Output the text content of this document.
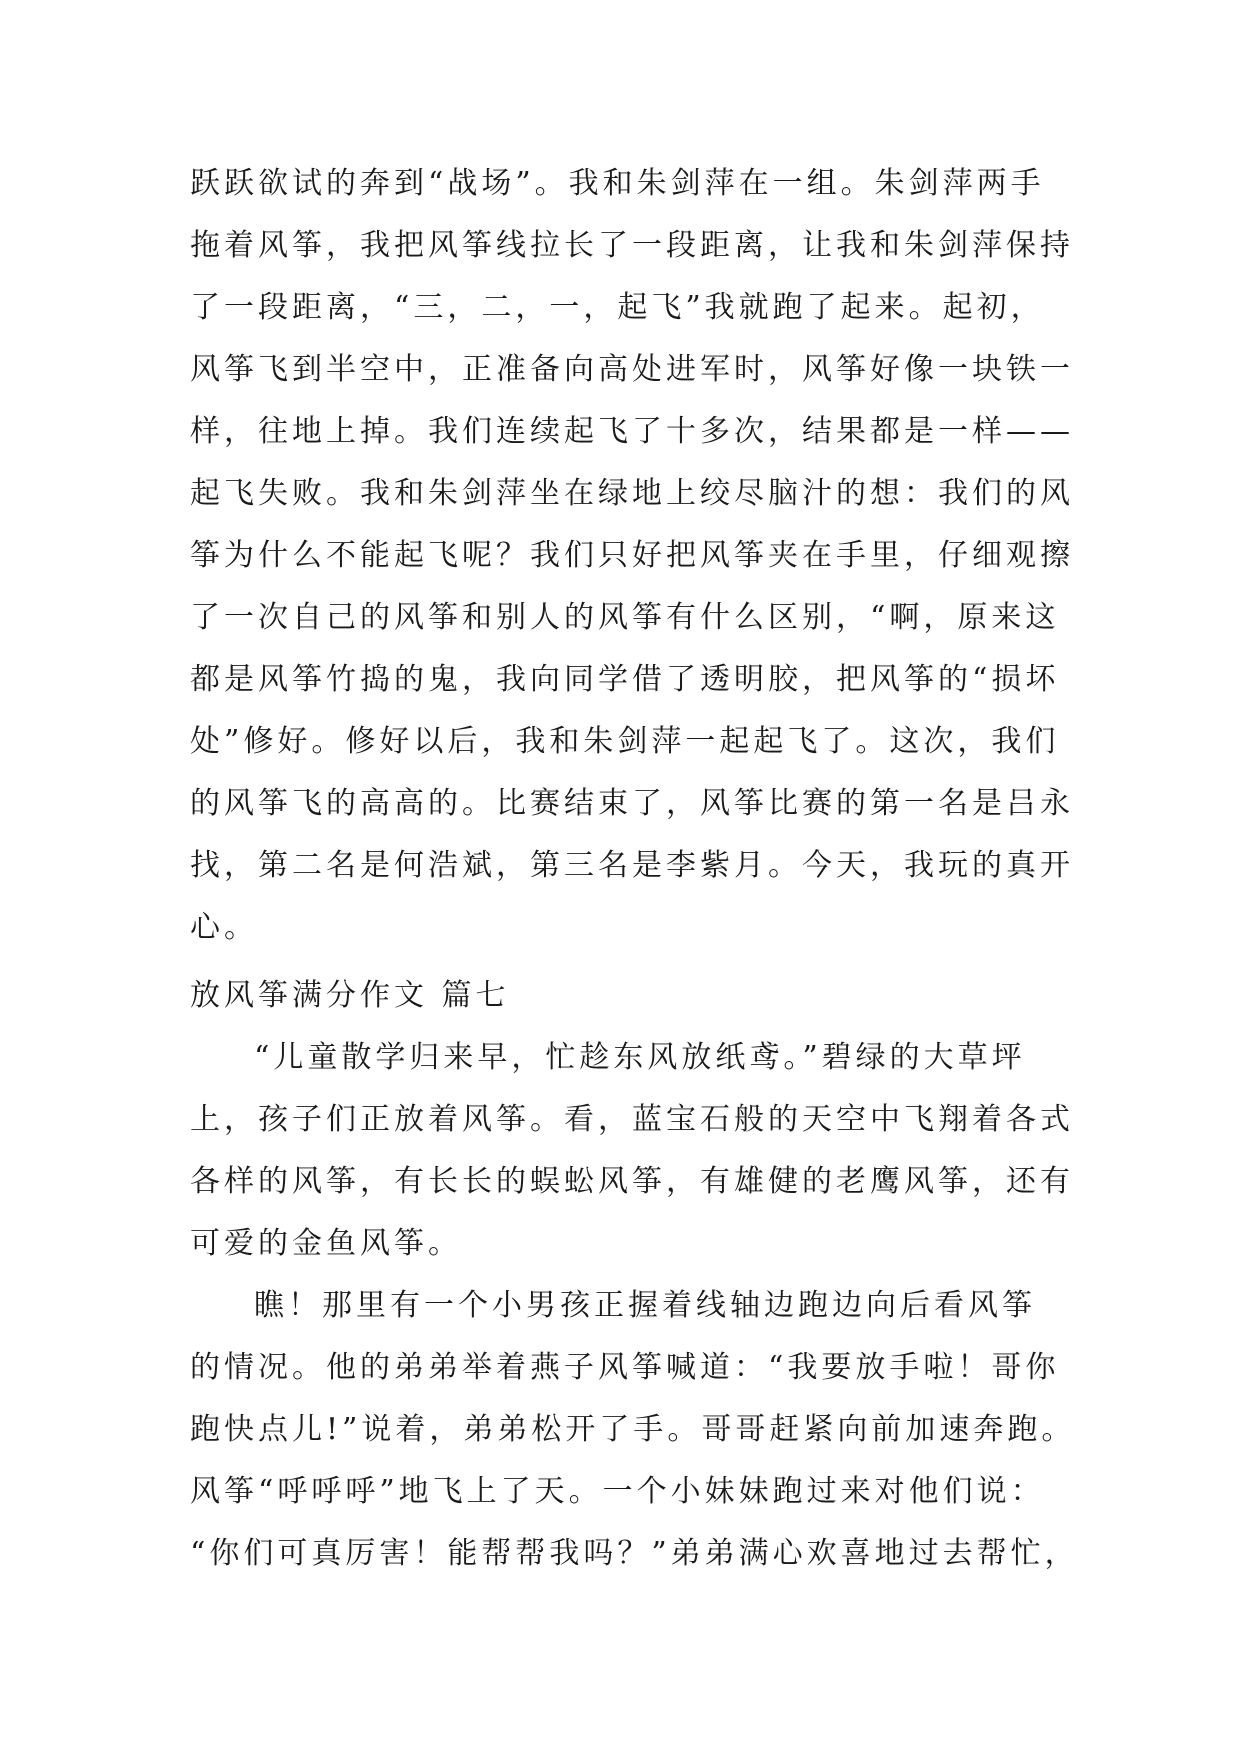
跃跃欲试的奔到“战场”。我和朱剑萍在一组。朱剑萍两手
拖着风筝，我把风筝线拉长了一段距离，让我和朱剑萍保持
了一段距离，“三，二，一，起飞”我就跑了起来。起初，
风筝飞到半空中，正准备向高处进军时，风筝好像一块铁一
样，往地上掉。我们连续起飞了十多次，结果都是一样——
起飞失败。我和朱剑萍坐在绿地上绞尽脑汁的想：我们的风
筝为什么不能起飞呢？我们只好把风筝夹在手里，仔细观擦
了一次自己的风筝和别人的风筝有什么区别，“啊，原来这
都是风筝竹捣的鬼，我向同学借了透明胶，把风筝的“损坏
处”修好。修好以后，我和朱剑萍一起起飞了。这次，我们
的风筝飞的高高的。比赛结束了，风筝比赛的第一名是吕永
找，第二名是何浩斌，第三名是李紫月。今天，我玩的真开
心。
放风筝满分作文 篇七
“儿童散学归来早，忙趁东风放纸鸢。”碧绿的大草坪
上，孩子们正放着风筝。看，蓝宝石般的天空中飞翔着各式
各样的风筝，有长长的蜈蚣风筝，有雄健的老鹰风筝，还有
可爱的金鱼风筝。
瞧！那里有一个小男孩正握着线轴边跑边向后看风筝
的情况。他的弟弟举着燕子风筝喊道：“我要放手啦！哥你
跑快点儿!”说着，弟弟松开了手。哥哥赶紧向前加速奔跑。
风筝“呼呼呼”地飞上了天。一个小妹妹跑过来对他们说：
“你们可真厉害！能帮帮我吗？”弟弟满心欢喜地过去帮忙，
